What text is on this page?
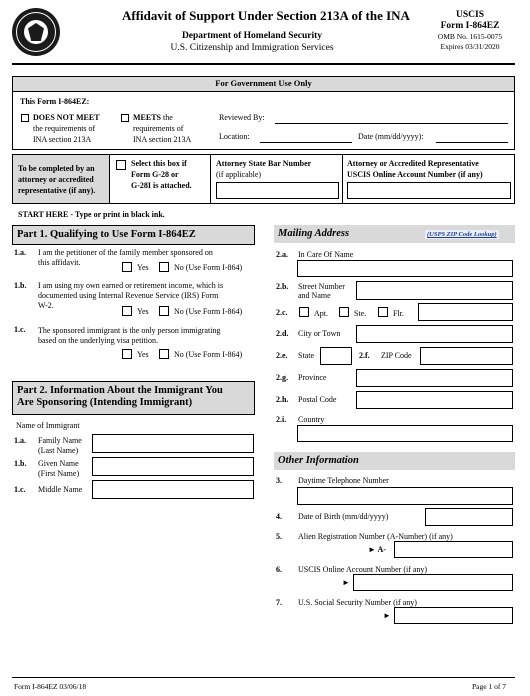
Affidavit of Support Under Section 213A of the INA
Department of Homeland Security
U.S. Citizenship and Immigration Services
USCIS
Form I-864EZ
OMB No. 1615-0075
Expires 03/31/2020
For Government Use Only
This Form I-864EZ:
DOES NOT MEET
the requirements of
INA section 213A
MEETS the
requirements of
INA section 213A
Reviewed By:
Location:	Date (mm/dd/yyyy):
To be completed by an
attorney or accredited
representative (if any).
Select this box if
Form G-28 or
G-28I is attached.
Attorney State Bar Number
(if applicable)
Attorney or Accredited Representative
USCIS Online Account Number (if any)
START HERE - Type or print in black ink.
Part 1. Qualifying to Use Form I-864EZ
1.a. I am the petitioner of the family member sponsored on
this affidavit.
Yes	No (Use Form I-864)
1.b. I am using my own earned or retirement income, which is
documented using Internal Revenue Service (IRS) Form
W-2.
Yes	No (Use Form I-864)
1.c. The sponsored immigrant is the only person immigrating
based on the underlying visa petition.
Yes	No (Use Form I-864)
Part 2. Information About the Immigrant You
Are Sponsoring (Intending Immigrant)
Name of Immigrant
1.a. Family Name
(Last Name)
1.b. Given Name
(First Name)
1.c. Middle Name
Mailing Address	(USPS ZIP Code Lookup)
2.a. In Care Of Name
2.b. Street Number
and Name
2.c.	Apt.	Ste.	Flr.
2.d. City or Town
2.e. State	2.f. ZIP Code
2.g. Province
2.h. Postal Code
2.i. Country
Other Information
3. Daytime Telephone Number
4. Date of Birth (mm/dd/yyyy)
5. Alien Registration Number (A-Number) (if any)
► A-
6. USCIS Online Account Number (if any)
►
7. U.S. Social Security Number (if any)
►
Form I-864EZ 03/06/18	Page 1 of 7
